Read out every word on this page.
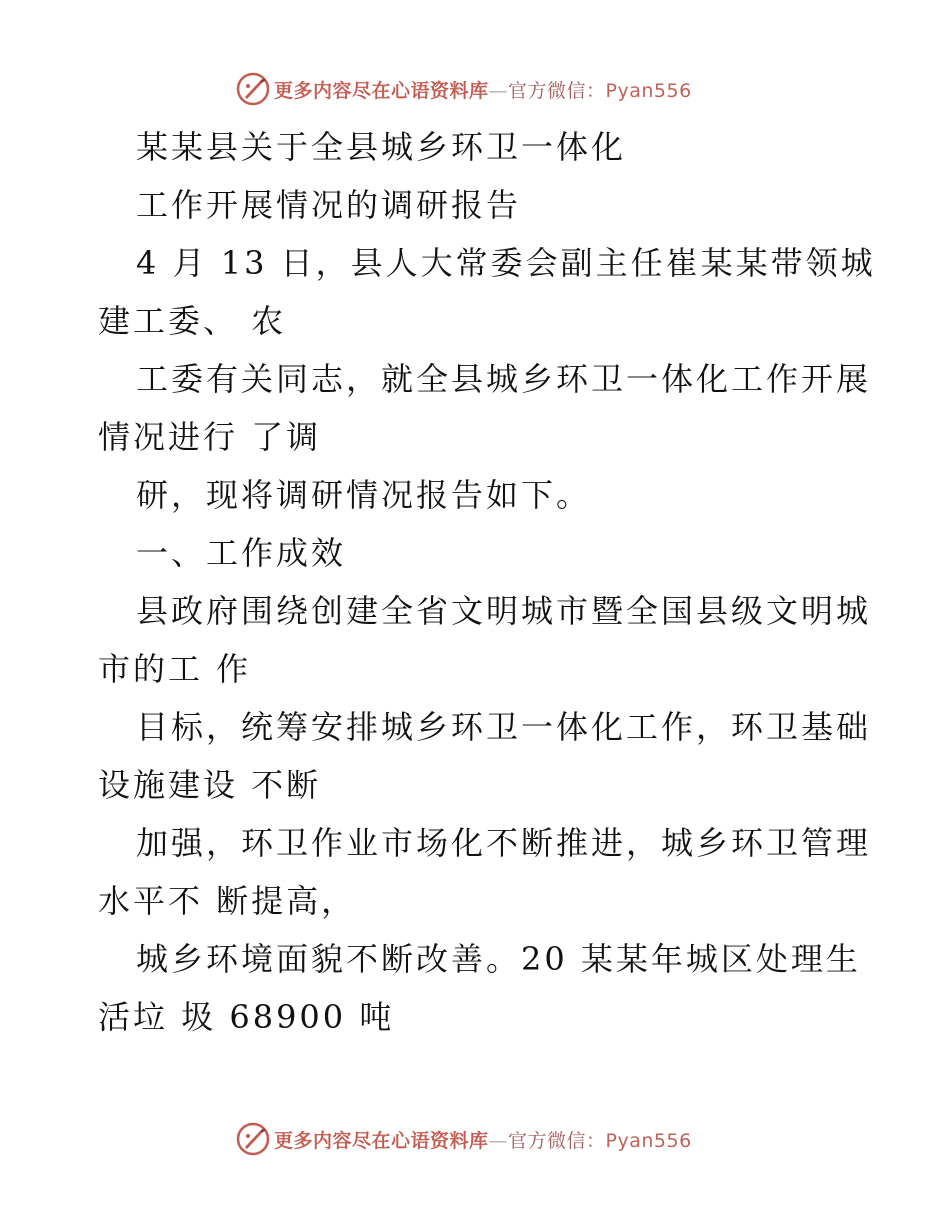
更多内容尽在心语资料库—官方微信：Pyan556
某某县关于全县城乡环卫一体化
工作开展情况的调研报告
4 月 13 日，县人大常委会副主任崔某某带领城
建工委、 农
工委有关同志，就全县城乡环卫一体化工作开展
情况进行 了调
研，现将调研情况报告如下。
一、工作成效
县政府围绕创建全省文明城市暨全国县级文明城
市的工 作
目标，统筹安排城乡环卫一体化工作，环卫基础
设施建设 不断
加强，环卫作业市场化不断推进，城乡环卫管理
水平不 断提高，
城乡环境面貌不断改善。20 某某年城区处理生
活垃 圾 68900 吨
更多内容尽在心语资料库—官方微信：Pyan556
